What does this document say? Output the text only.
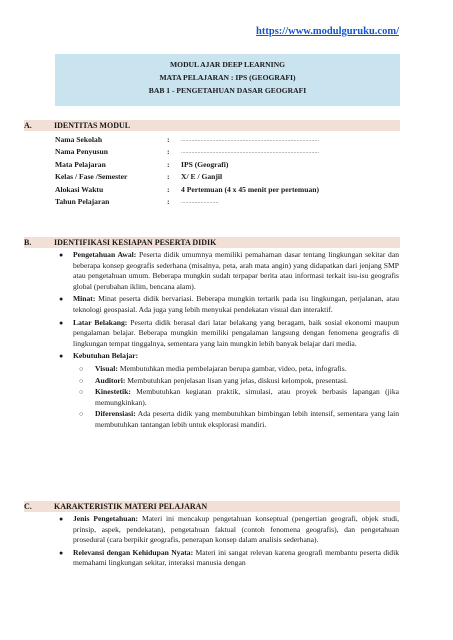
https://www.modulguruku.com/
MODUL AJAR DEEP LEARNING
MATA PELAJARAN : IPS (GEOGRAFI)
BAB 1 - PENGETAHUAN DASAR GEOGRAFI
A.	IDENTITAS MODUL
Nama Sekolah	:	............................................................................................
Nama Penyusun	:	............................................................................................
Mata Pelajaran	:	IPS (Geografi)
Kelas / Fase /Semester	:	X/ E / Ganjil
Alokasi Waktu	:	4 Pertemuan (4 x 45 menit per pertemuan)
Tahun Pelajaran	:	.........................
B.	IDENTIFIKASI KESIAPAN PESERTA DIDIK
● Pengetahuan Awal: Peserta didik umumnya memiliki pemahaman dasar tentang lingkungan sekitar dan beberapa konsep geografis sederhana (misalnya, peta, arah mata angin) yang didapatkan dari jenjang SMP atau pengetahuan umum. Beberapa mungkin sudah terpapar berita atau informasi terkait isu-isu geografis global (perubahan iklim, bencana alam).
● Minat: Minat peserta didik bervariasi. Beberapa mungkin tertarik pada isu lingkungan, perjalanan, atau teknologi geospasial. Ada juga yang lebih menyukai pendekatan visual dan interaktif.
● Latar Belakang: Peserta didik berasal dari latar belakang yang beragam, baik sosial ekonomi maupun pengalaman belajar. Beberapa mungkin memiliki pengalaman langsung dengan fenomena geografis di lingkungan tempat tinggalnya, sementara yang lain mungkin lebih banyak belajar dari media.
● Kebutuhan Belajar:
○ Visual: Membutuhkan media pembelajaran berupa gambar, video, peta, infografis.
○ Auditori: Membutuhkan penjelasan lisan yang jelas, diskusi kelompok, presentasi.
○ Kinestetik: Membutuhkan kegiatan praktik, simulasi, atau proyek berbasis lapangan (jika memungkinkan).
○ Diferensiasi: Ada peserta didik yang membutuhkan bimbingan lebih intensif, sementara yang lain membutuhkan tantangan lebih untuk eksplorasi mandiri.
C.	KARAKTERISTIK MATERI PELAJARAN
● Jenis Pengetahuan: Materi ini mencakup pengetahuan konseptual (pengertian geografi, objek studi, prinsip, aspek, pendekatan), pengetahuan faktual (contoh fenomena geografis), dan pengetahuan prosedural (cara berpikir geografis, penerapan konsep dalam analisis sederhana).
● Relevansi dengan Kehidupan Nyata: Materi ini sangat relevan karena geografi membantu peserta didik memahami lingkungan sekitar, interaksi manusia dengan
